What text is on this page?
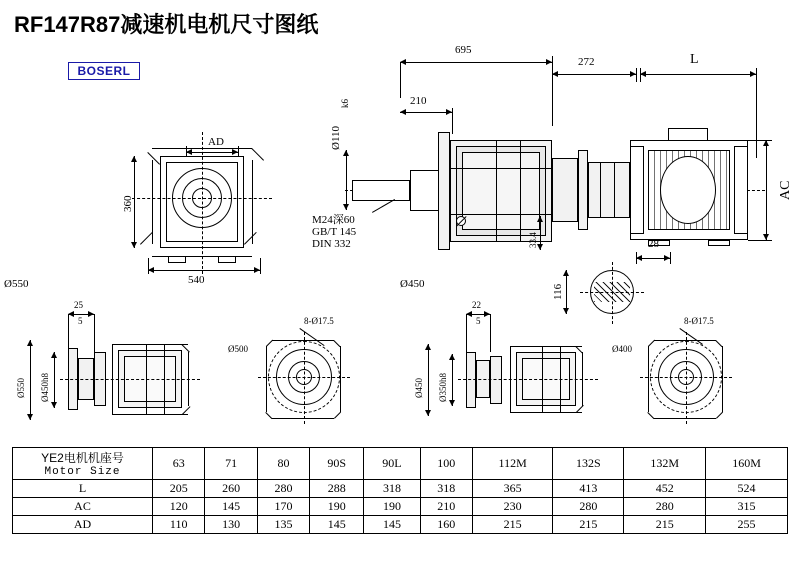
RF147R87减速机电机尺寸图纸
BOSERL
AD
360
540
Ø550
695
210
272	L
Ø110
k6
AC
33.4
M24深60
GB/T 145
DIN 332
Ø450
28
116
25
5
Ø550 Ø450h8
8-Ø17.5
Ø500
22
5
Ø450 Ø350h8
8-Ø17.5
Ø400
YE2电机机座号
Motor Size	63	71	80	90S	90L	100	112M	132S	132M	160M
L	205	260	280	288	318	318	365	413	452	524
AC	120	145	170	190	190	210	230	280	280	315
AD	110	130	135	145	145	160	215	215	215	255
